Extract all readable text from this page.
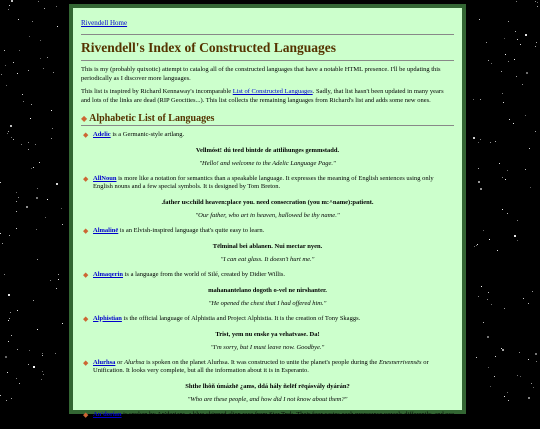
Rivendell Home
Rivendell's Index of Constructed Languages

This is my (probably quixotic) attempt to catalog all of the constructed languages that have a notable HTML presence. I'll be updating this periodically as I discover more languages.

This list is inspired by Richard Kennaway's incomparable List of Constructed Languages. Sadly, that list hasn't been updated in many years and lots of the links are dead (RIP Geocities...). This list collects the remaining languages from Richard's list and adds some new ones.

◆ Alphabetic List of Languages
◆ Adelic is a Germanic-style artlang.
Vellmóst! dú teed bintde de attlihunges gemmstadd.
"Hello! and welcome to the Adelic Language Page."
◆ AllNoun is more like a notation for semantics than a speakable language. It expresses the meaning of English sentences using only English nouns and a few special symbols. It is designed by Tom Breton.
.father us:child heaven:place you. need consecration (you m:^name):patient.
"Our father, who art in heaven, hallowed be thy name."
◆ Almalinë is an Elvish-inspired language that's quite easy to learn.
Tëlminal bei ablanen. Nui mectar nyen.
"I can eat glass. It doesn't hurt me."
◆ Almaqerin is a language from the world of Silé, created by Didier Willis.
mahanantelano dogoth o-vel ne nirshanter.
"He opened the chest that I had offered him."
◆ Alphistian is the official language of Alphistia and Project Alphistia. It is the creation of Tony Skaggs.
Trist, yem nu enske ya vehatvase. Da!
"I'm sorry, but I must leave now. Goodbye."
◆ Alurhsa or Alurhsa is spoken on the planet Alurhsa. It was constructed to unite the planet's people during the Enesnerrivensës or Unification. It looks very complete, but all the information about it is in Esperanto.
Shthe lhôñ úmázhë ¿ams, ddá hály ñelëf rëqásvály dyárán?
"Who are these people, and how did I not know about them?"
◆ An'dorian is spoken by An'dorians, a blue-skinned alien race from Star Trek. Their four castes each pronounce vowels differently, and use different pronouns. Nouns are divided into eight classes: abstract, animate, flat, long, round, sentient, spongy, and wet.
